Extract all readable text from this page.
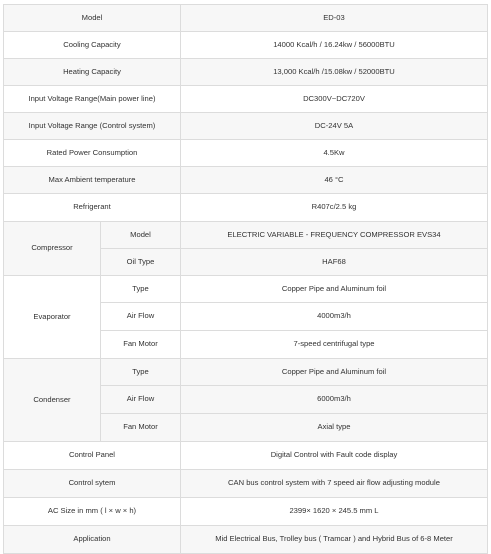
Model		ED-03
Cooling Capacity		14000 Kcal/h / 16.24kw / 56000BTU
Heating Capacity		13,000 Kcal/h /15.08kw / 52000BTU
Input Voltage Range(Main power line)		DC300V~DC720V
Input Voltage Range (Control system)		DC-24V 5A
Rated Power Consumption		4.5Kw
Max Ambient temperature		46 °C
Refrigerant		R407c/2.5 kg
Compressor	Model	ELECTRIC VARIABLE - FREQUENCY COMPRESSOR EVS34
	Oil Type	HAF68
Evaporator	Type	Copper Pipe and Aluminum foil
	Air Flow	4000m3/h
	Fan Motor	7-speed centrifugal type
Condenser	Type	Copper Pipe and Aluminum foil
	Air Flow	6000m3/h
	Fan Motor	Axial type
Control Panel		Digital Control with Fault code display
Control sytem		CAN bus control system with 7 speed air flow adjusting module
AC Size in mm ( l × w × h)		2399× 1620 × 245.5 mm L
Application		Mid Electrical Bus, Trolley bus ( Tramcar ) and Hybrid Bus of 6-8 Meter
